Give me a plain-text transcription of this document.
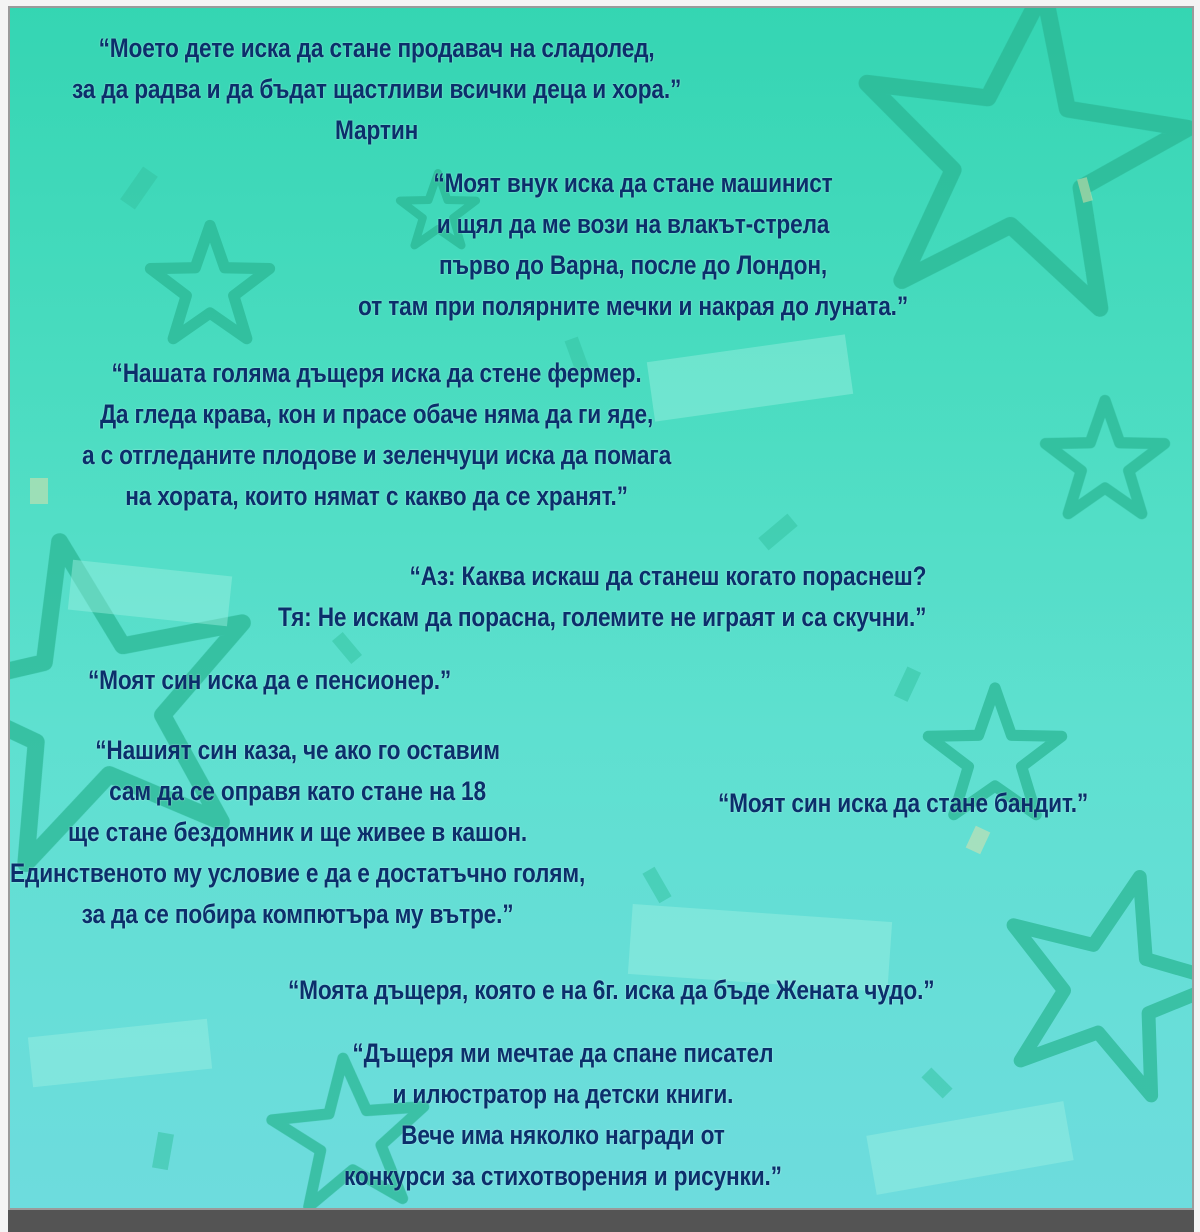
“Моето дете иска да стане продавач на сладолед,
за да радва и да бъдат щастливи всички деца и хора.”
Мартин

“Моят внук иска да стане машинист
и щял да ме вози на влакът-стрела
първо до Варна, после до Лондон,
от там при полярните мечки и накрая до луната.”

“Нашата голяма дъщеря иска да стене фермер.
Да гледа крава, кон и прасе обаче няма да ги яде,
а с отгледаните плодове и зеленчуци иска да помага
на хората, които нямат с какво да се хранят.”

“Аз: Каква искаш да станеш когато пораснеш?
Тя: Не искам да порасна, големите не играят и са скучни.”

“Моят син иска да е пенсионер.”

“Нашият син каза, че ако го оставим
сам да се оправя като стане на 18
ще стане бездомник и ще живее в кашон.
Единственото му условие е да е достатъчно голям,
за да се побира компютъра му вътре.”

“Моят син иска да стане бандит.”

“Моята дъщеря, която е на 6г. иска да бъде Жената чудо.”

“Дъщеря ми мечтае да спане писател
и илюстратор на детски книги.
Вече има няколко награди от
конкурси за стихотворения и рисунки.”
